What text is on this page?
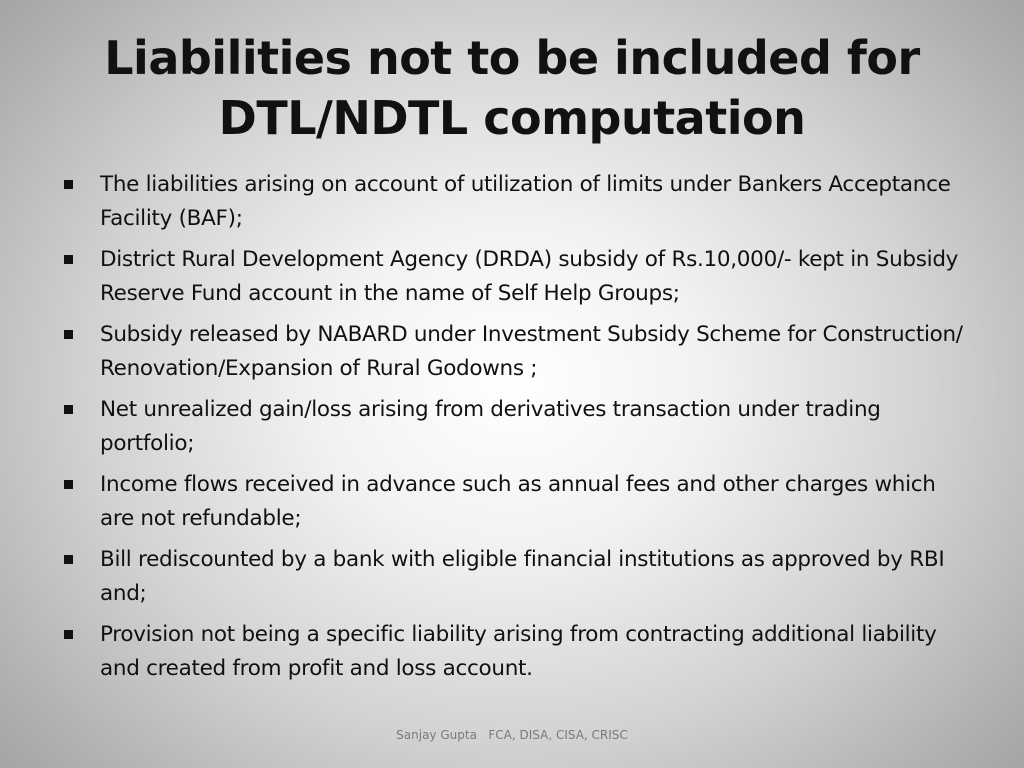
Liabilities not to be included for
DTL/NDTL computation
The liabilities arising on account of utilization of limits under Bankers Acceptance Facility (BAF);
District Rural Development Agency (DRDA) subsidy of Rs.10,000/- kept in Subsidy Reserve Fund account in the name of Self Help Groups;
Subsidy released by NABARD under Investment Subsidy Scheme for Construction/ Renovation/Expansion of Rural Godowns ;
Net unrealized gain/loss arising from derivatives transaction under trading portfolio;
Income flows received in advance such as annual fees and other charges which are not refundable;
Bill rediscounted by a bank with eligible financial institutions as approved by RBI and;
Provision not being a specific liability arising from contracting additional liability and created from profit and loss account.
Sanjay Gupta   FCA, DISA, CISA, CRISC
